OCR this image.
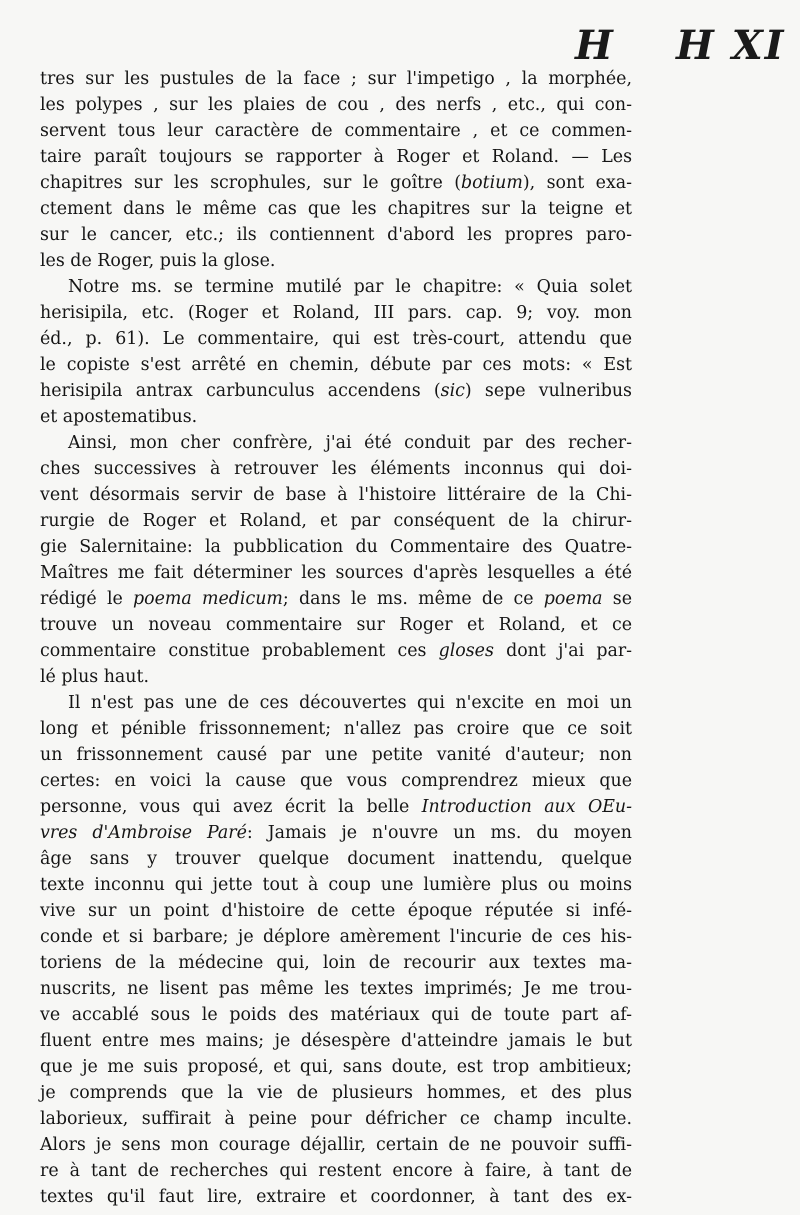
H H XI
tres sur les pustules de la face ; sur l'impetigo , la morphée,
les polypes , sur les plaies de cou , des nerfs , etc., qui con-
servent tous leur caractère de commentaire , et ce commen-
taire paraît toujours se rapporter à Roger et Roland. — Les
chapitres sur les scrophules, sur le goître (botium), sont exa-
ctement dans le même cas que les chapitres sur la teigne et
sur le cancer, etc.; ils contiennent d'abord les propres paro-
les de Roger, puis la glose.
Notre ms. se termine mutilé par le chapitre: « Quia solet
herisipila, etc. (Roger et Roland, III pars. cap. 9; voy. mon
éd., p. 61). Le commentaire, qui est très-court, attendu que
le copiste s'est arrêté en chemin, débute par ces mots: « Est
herisipila antrax carbunculus accendens (sic) sepe vulneribus
et apostematibus.
Ainsi, mon cher confrère, j'ai été conduit par des recher-
ches successives à retrouver les éléments inconnus qui doi-
vent désormais servir de base à l'histoire littéraire de la Chi-
rurgie de Roger et Roland, et par conséquent de la chirur-
gie Salernitaine: la pubblication du Commentaire des Quatre-
Maîtres me fait déterminer les sources d'après lesquelles a été
rédigé le poema medicum; dans le ms. même de ce poema se
trouve un noveau commentaire sur Roger et Roland, et ce
commentaire constitue probablement ces gloses dont j'ai par-
lé plus haut.
Il n'est pas une de ces découvertes qui n'excite en moi un
long et pénible frissonnement; n'allez pas croire que ce soit
un frissonnement causé par une petite vanité d'auteur; non
certes: en voici la cause que vous comprendrez mieux que
personne, vous qui avez écrit la belle Introduction aux OEu-
vres d'Ambroise Paré: Jamais je n'ouvre un ms. du moyen
âge sans y trouver quelque document inattendu, quelque
texte inconnu qui jette tout à coup une lumière plus ou moins
vive sur un point d'histoire de cette époque réputée si infé-
conde et si barbare; je déplore amèrement l'incurie de ces his-
toriens de la médecine qui, loin de recourir aux textes ma-
nuscrits, ne lisent pas même les textes imprimés; Je me trou-
ve accablé sous le poids des matériaux qui de toute part af-
fluent entre mes mains; je désespère d'atteindre jamais le but
que je me suis proposé, et qui, sans doute, est trop ambitieux;
je comprends que la vie de plusieurs hommes, et des plus
laborieux, suffirait à peine pour défricher ce champ inculte.
Alors je sens mon courage déjallir, certain de ne pouvoir suffi-
re à tant de recherches qui restent encore à faire, à tant de
textes qu'il faut lire, extraire et coordonner, à tant des ex-
